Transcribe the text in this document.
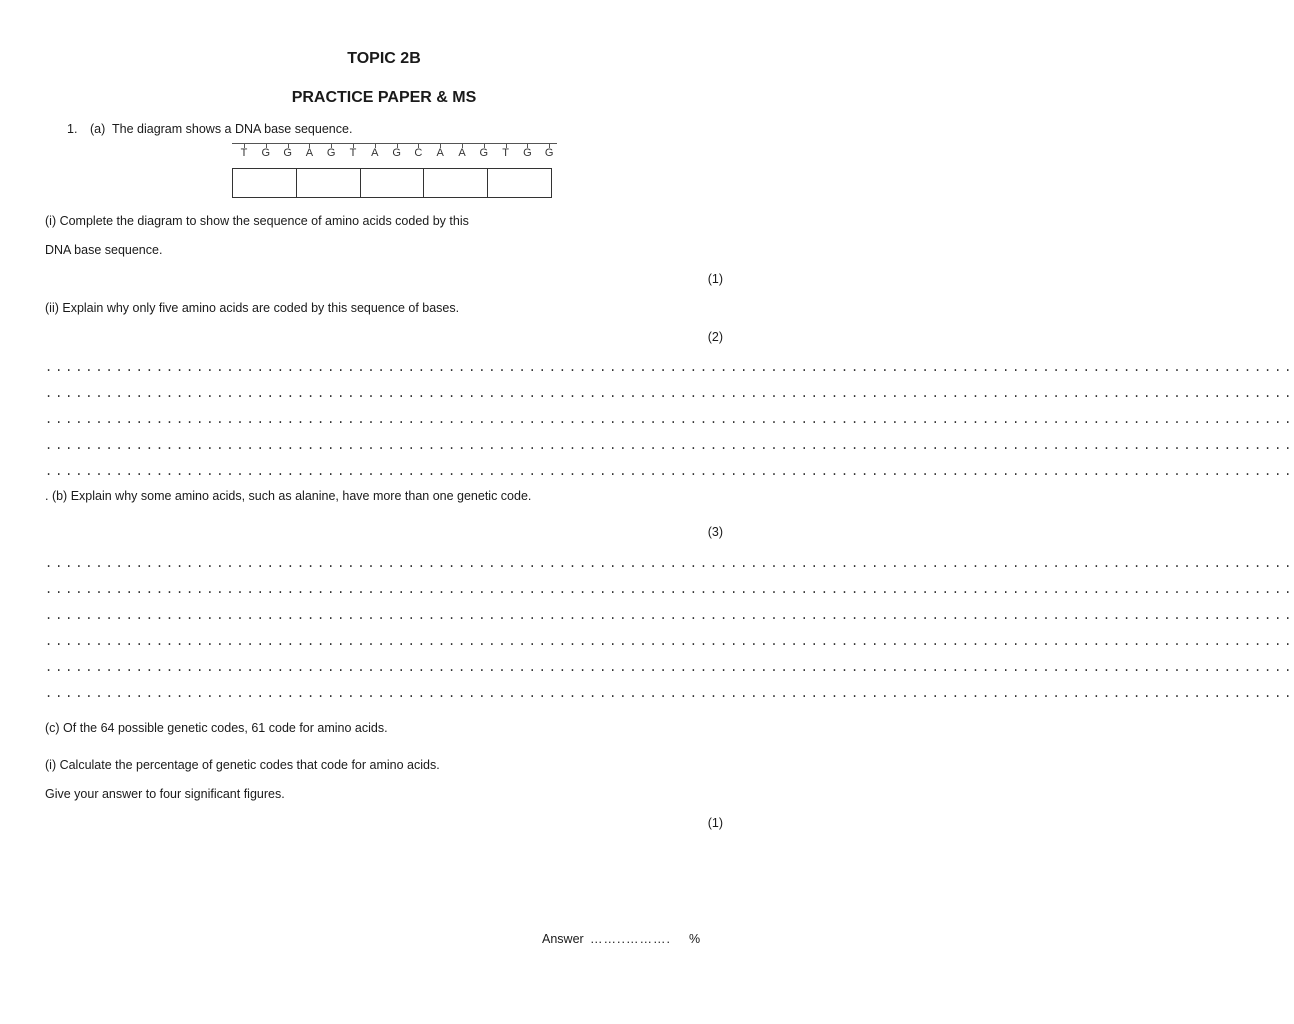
TOPIC 2B
PRACTICE PAPER & MS
1. (a) The diagram shows a DNA base sequence.
T	G	G	A	G	T	A	G	C	A	A	G	T	G	G
(i) Complete the diagram to show the sequence of amino acids coded by this
DNA base sequence.
(1)
(ii) Explain why only five amino acids are coded by this sequence of bases.
(2)
............................................................................................................................
............................................................................................................................
............................................................................................................................
............................................................................................................................
............................................................................................................................
. (b) Explain why some amino acids, such as alanine, have more than one genetic code.
(3)
............................................................................................................................
............................................................................................................................
............................................................................................................................
............................................................................................................................
............................................................................................................................
............................................................................................................................
(c) Of the 64 possible genetic codes, 61 code for amino acids.
(i) Calculate the percentage of genetic codes that code for amino acids.
Give your answer to four significant figures.
(1)
Answer ……..………. %
